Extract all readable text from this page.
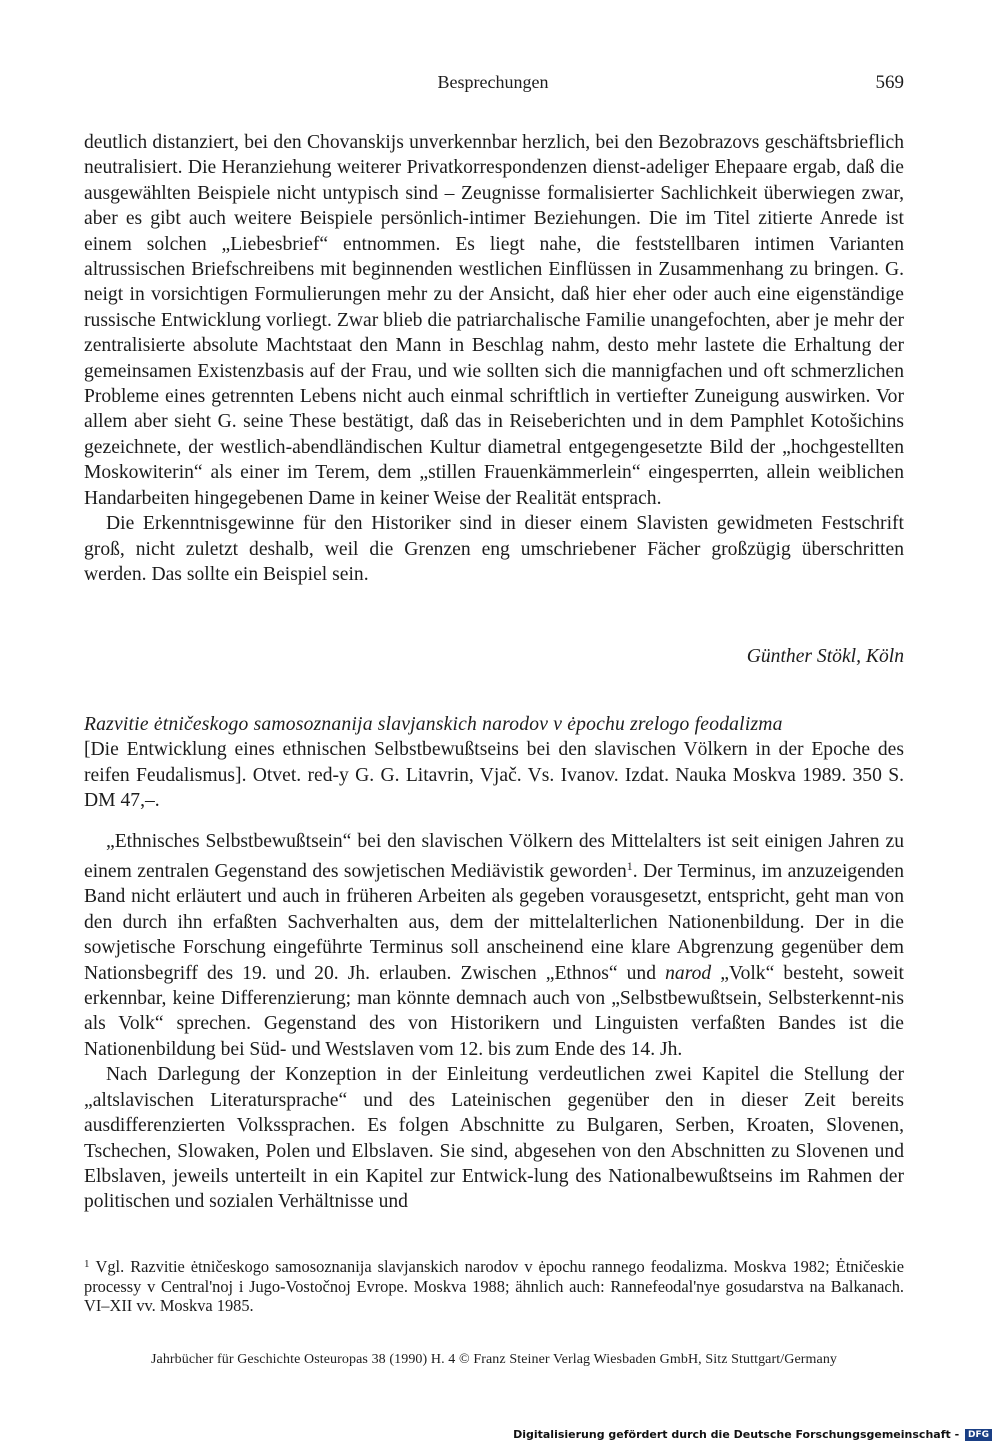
Besprechungen	569

deutlich distanziert, bei den Chovanskijs unverkennbar herzlich, bei den Bezobrazovs geschäftsbrieflich neutralisiert. Die Heranziehung weiterer Privatkorrespondenzen dienst-adeliger Ehepaare ergab, daß die ausgewählten Beispiele nicht untypisch sind – Zeugnisse formalisierter Sachlichkeit überwiegen zwar, aber es gibt auch weitere Beispiele persönlich-intimer Beziehungen. Die im Titel zitierte Anrede ist einem solchen „Liebesbrief“ entnommen. Es liegt nahe, die feststellbaren intimen Varianten altrussischen Briefschreibens mit beginnenden westlichen Einflüssen in Zusammenhang zu bringen. G. neigt in vorsichtigen Formulierungen mehr zu der Ansicht, daß hier eher oder auch eine eigenständige russische Entwicklung vorliegt. Zwar blieb die patriarchalische Familie unangefochten, aber je mehr der zentralisierte absolute Machtstaat den Mann in Beschlag nahm, desto mehr lastete die Erhaltung der gemeinsamen Existenzbasis auf der Frau, und wie sollten sich die mannigfachen und oft schmerzlichen Probleme eines getrennten Lebens nicht auch einmal schriftlich in vertiefter Zuneigung auswirken. Vor allem aber sieht G. seine These bestätigt, daß das in Reiseberichten und in dem Pamphlet Kotošichins gezeichnete, der westlich-abendländischen Kultur diametral entgegengesetzte Bild der „hochgestellten Moskowiterin“ als einer im Terem, dem „stillen Frauenkämmerlein“ eingesperrten, allein weiblichen Handarbeiten hingegebenen Dame in keiner Weise der Realität entsprach.

Die Erkenntnisgewinne für den Historiker sind in dieser einem Slavisten gewidmeten Festschrift groß, nicht zuletzt deshalb, weil die Grenzen eng umschriebener Fächer großzügig überschritten werden. Das sollte ein Beispiel sein.

Günther Stökl, Köln

Razvitie ėtničeskogo samosoznanija slavjanskich narodov v ėpochu zrelogo feodalizma
[Die Entwicklung eines ethnischen Selbstbewußtseins bei den slavischen Völkern in der Epoche des reifen Feudalismus]. Otvet. red-y G. G. Litavrin, Vjač. Vs. Ivanov. Izdat. Nauka Moskva 1989. 350 S. DM 47,–.

„Ethnisches Selbstbewußtsein“ bei den slavischen Völkern des Mittelalters ist seit einigen Jahren zu einem zentralen Gegenstand des sowjetischen Mediävistik geworden$^1$. Der Terminus, im anzuzeigenden Band nicht erläutert und auch in früheren Arbeiten als gegeben vorausgesetzt, entspricht, geht man von den durch ihn erfaßten Sachverhalten aus, dem der mittelalterlichen Nationenbildung. Der in die sowjetische Forschung eingeführte Terminus soll anscheinend eine klare Abgrenzung gegenüber dem Nationsbegriff des 19. und 20. Jh. erlauben. Zwischen „Ethnos“ und narod „Volk“ besteht, soweit erkennbar, keine Differenzierung; man könnte demnach auch von „Selbstbewußtsein, Selbsterkennt-nis als Volk“ sprechen. Gegenstand des von Historikern und Linguisten verfaßten Bandes ist die Nationenbildung bei Süd- und Westslaven vom 12. bis zum Ende des 14. Jh.

Nach Darlegung der Konzeption in der Einleitung verdeutlichen zwei Kapitel die Stellung der „altslavischen Literatursprache“ und des Lateinischen gegenüber den in dieser Zeit bereits ausdifferenzierten Volkssprachen. Es folgen Abschnitte zu Bulgaren, Serben, Kroaten, Slovenen, Tschechen, Slowaken, Polen und Elbslaven. Sie sind, abgesehen von den Abschnitten zu Slovenen und Elbslaven, jeweils unterteilt in ein Kapitel zur Entwick-lung des Nationalbewußtseins im Rahmen der politischen und sozialen Verhältnisse und

$^1$ Vgl. Razvitie ėtničeskogo samosoznanija slavjanskich narodov v ėpochu rannego feodalizma. Moskva 1982; Ėtničeskie processy v Central'noj i Jugo-Vostočnoj Evrope. Moskva 1988; ähnlich auch: Rannefeodal'nye gosudarstva na Balkanach. VI–XII vv. Moskva 1985.
Jahrbücher für Geschichte Osteuropas 38 (1990) H. 4 © Franz Steiner Verlag Wiesbaden GmbH, Sitz Stuttgart/Germany
Digitalisierung gefördert durch die Deutsche Forschungsgemeinschaft - DFG
